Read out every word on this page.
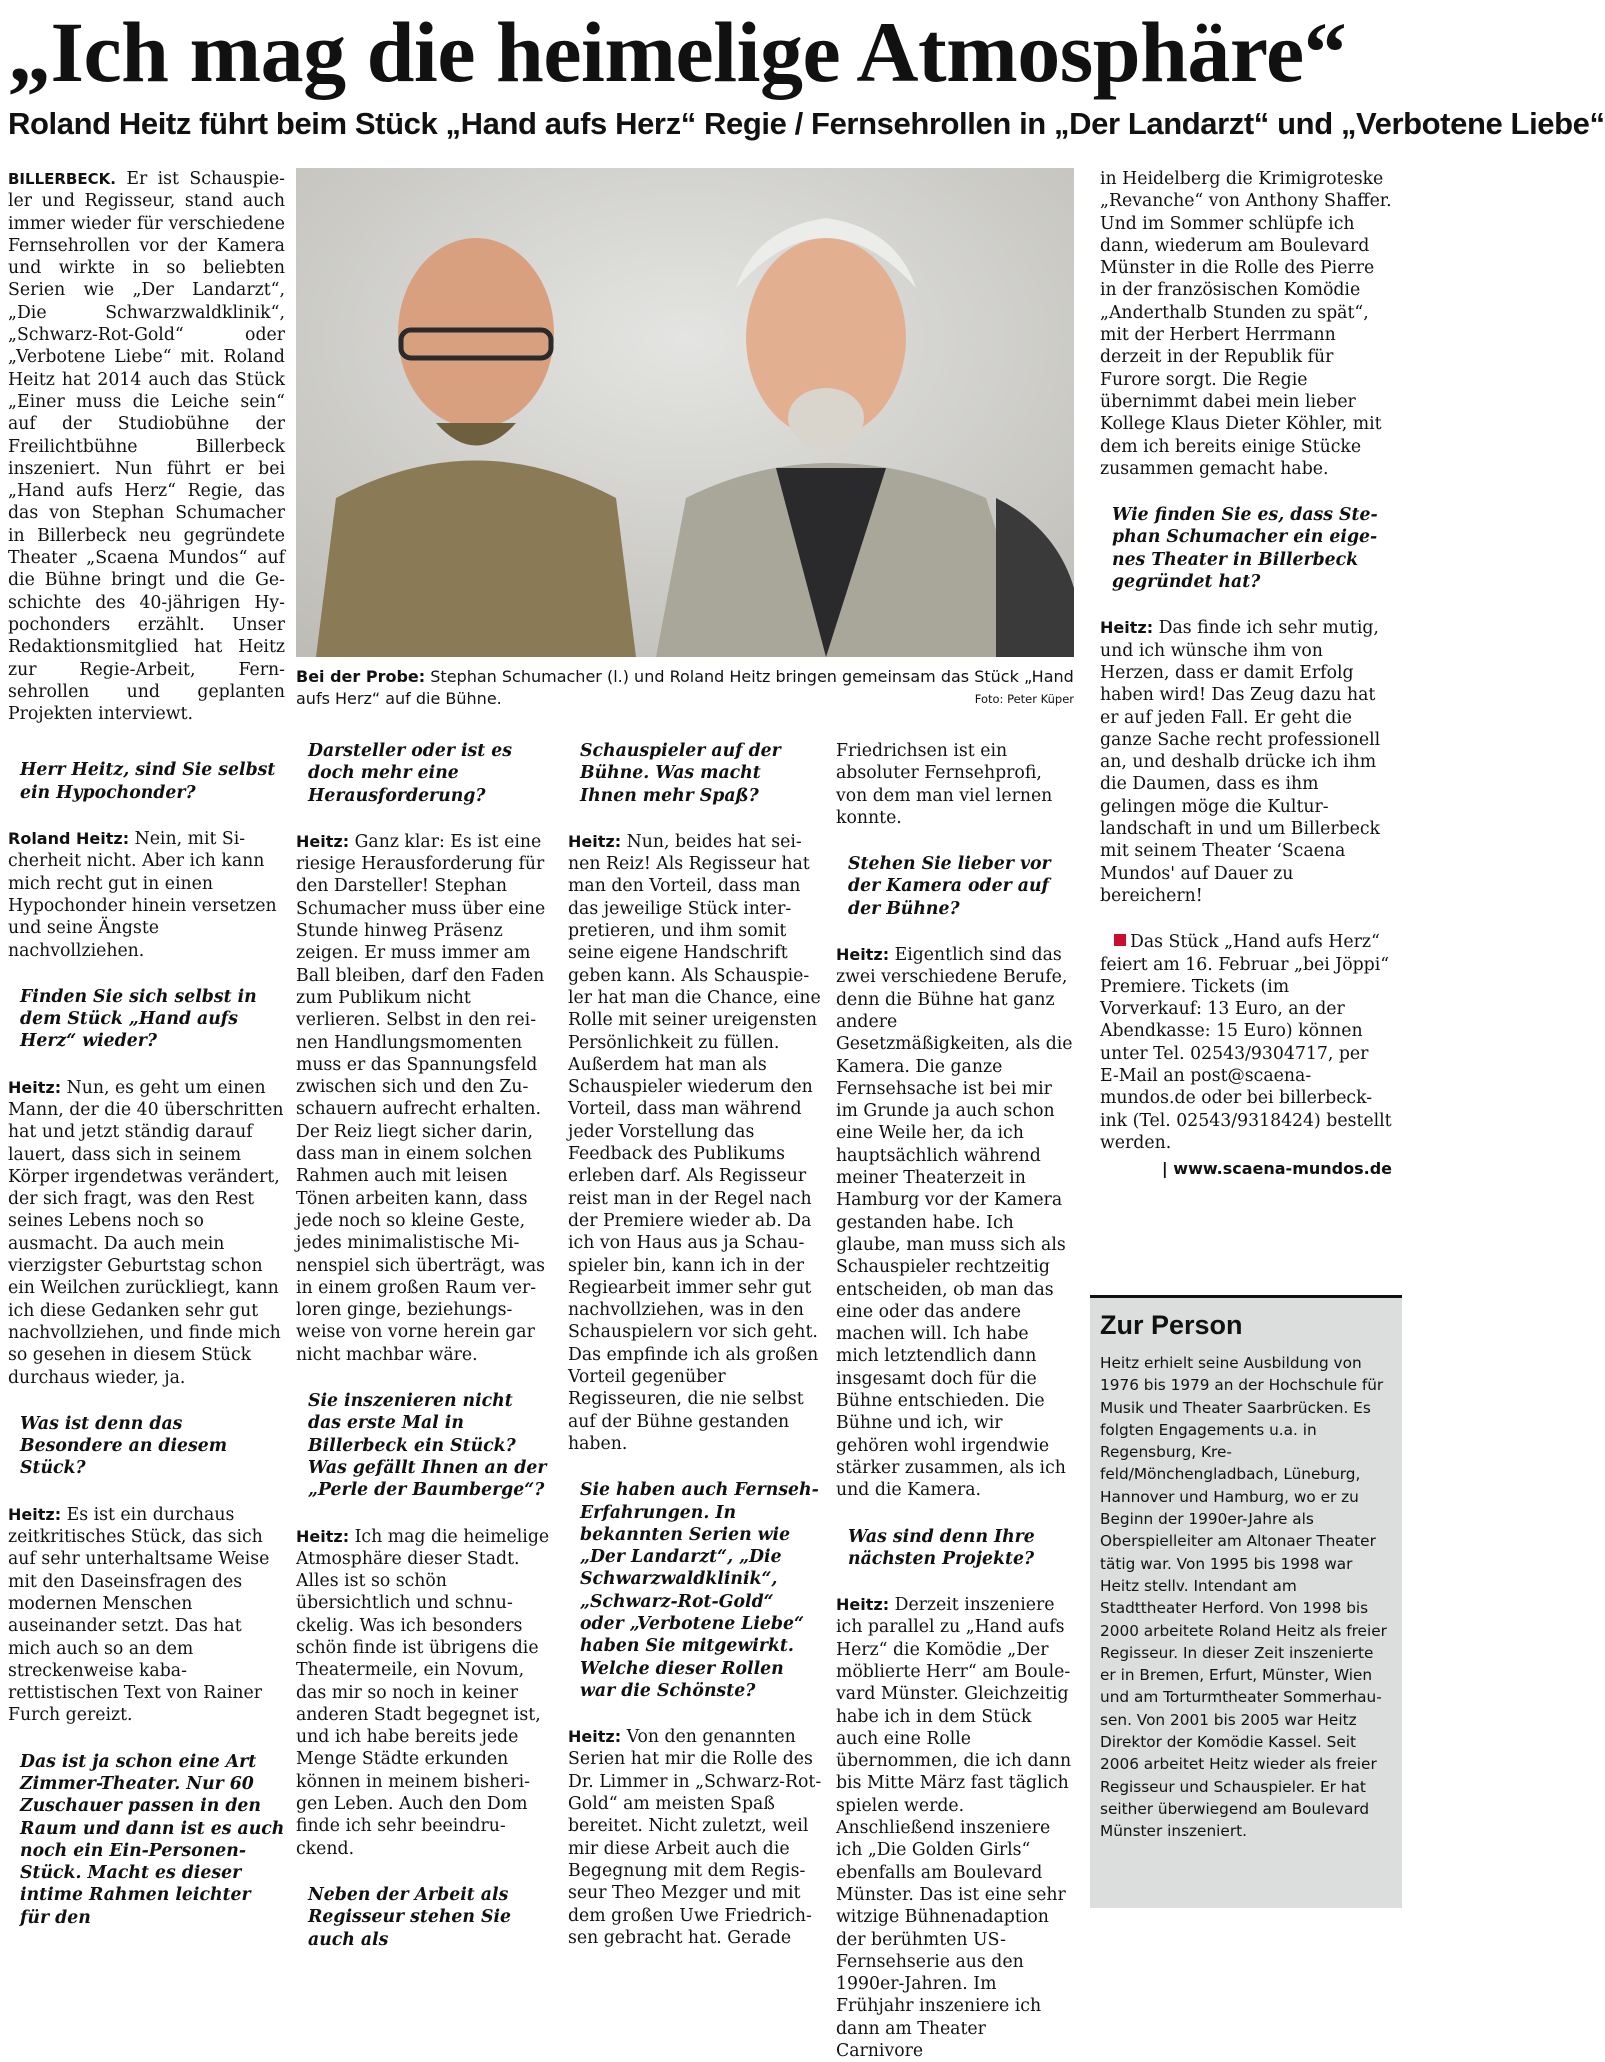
„Ich mag die heimelige Atmosphäre“
Roland Heitz führt beim Stück „Hand aufs Herz“ Regie / Fernsehrollen in „Der Landarzt“ und „Verbotene Liebe“

BILLERBECK. Er ist Schauspieler und Regisseur, stand auch immer wieder für verschiedene Fernsehrollen vor der Kamera und wirkte in so beliebten Serien wie „Der Landarzt“, „Die Schwarzwaldklinik“, „Schwarz-Rot-Gold“ oder „Verbotene Liebe“ mit. Roland Heitz hat 2014 auch das Stück „Einer muss die Leiche sein“ auf der Studiobühne der Freilichtbühne Billerbeck inszeniert. Nun führt er bei „Hand aufs Herz“ Regie, das das von Stephan Schumacher in Billerbeck neu gegründete Theater „Scaena Mundos“ auf die Bühne bringt und die Geschichte des 40-jährigen Hypochonders erzählt. Unser Redaktionsmitglied hat Heitz zur Regie-Arbeit, Fernsehrollen und geplanten Projekten interviewt.

Herr Heitz, sind Sie selbst ein Hypochonder?

Roland Heitz: Nein, mit Sicherheit nicht. Aber ich kann mich recht gut in einen Hypochonder hinein versetzen und seine Ängste nachvollziehen.

Finden Sie sich selbst in dem Stück „Hand aufs Herz“ wieder?

Heitz: Nun, es geht um einen Mann, der die 40 überschritten hat und jetzt ständig darauf lauert, dass sich in seinem Körper irgendetwas verändert, der sich fragt, was den Rest seines Lebens noch so ausmacht. Da auch mein vierzigster Geburtstag schon ein Weilchen zurückliegt, kann ich diese Gedanken sehr gut nachvollziehen, und finde mich so gesehen in diesem Stück durchaus wieder, ja.

Was ist denn das Besondere an diesem Stück?

Heitz: Es ist ein durchaus zeitkritisches Stück, das sich auf sehr unterhaltsame Weise mit den Daseinsfragen des modernen Menschen auseinander setzt. Das hat mich auch so an dem streckenweise kabarettistischen Text von Rainer Furch gereizt.

Das ist ja schon eine Art Zimmer-Theater. Nur 60 Zuschauer passen in den Raum und dann ist es auch noch ein Ein-Personen-Stück. Macht es dieser intime Rahmen leichter für den

Bei der Probe: Stephan Schumacher (l.) und Roland Heitz bringen gemeinsam das Stück „Hand aufs Herz“ auf die Bühne.	Foto: Peter Küper

Darsteller oder ist es doch mehr eine Herausforderung?

Heitz: Ganz klar: Es ist eine riesige Herausforderung für den Darsteller! Stephan Schumacher muss über eine Stunde hinweg Präsenz zeigen. Er muss immer am Ball bleiben, darf den Faden zum Publikum nicht verlieren. Selbst in den reinen Handlungsmomenten muss er das Spannungsfeld zwischen sich und den Zuschauern aufrecht erhalten. Der Reiz liegt sicher darin, dass man in einem solchen Rahmen auch mit leisen Tönen arbeiten kann, dass jede noch so kleine Geste, jedes minimalistische Minenspiel sich überträgt, was in einem großen Raum verloren ginge, beziehungsweise von vorne herein gar nicht machbar wäre.

Sie inszenieren nicht das erste Mal in Billerbeck ein Stück? Was gefällt Ihnen an der „Perle der Baumberge“?

Heitz: Ich mag die heimelige Atmosphäre dieser Stadt. Alles ist so schön übersichtlich und schnuckelig. Was ich besonders schön finde ist übrigens die Theatermeile, ein Novum, das mir so noch in keiner anderen Stadt begegnet ist, und ich habe bereits jede Menge Städte erkunden können in meinem bisherigen Leben. Auch den Dom finde ich sehr beeindruckend.

Neben der Arbeit als Regisseur stehen Sie auch als

Schauspieler auf der Bühne. Was macht Ihnen mehr Spaß?

Heitz: Nun, beides hat seinen Reiz! Als Regisseur hat man den Vorteil, dass man das jeweilige Stück interpretieren, und ihm somit seine eigene Handschrift geben kann. Als Schauspieler hat man die Chance, eine Rolle mit seiner ureigensten Persönlichkeit zu füllen. Außerdem hat man als Schauspieler wiederum den Vorteil, dass man während jeder Vorstellung das Feedback des Publikums erleben darf. Als Regisseur reist man in der Regel nach der Premiere wieder ab. Da ich von Haus aus ja Schauspieler bin, kann ich in der Regiearbeit immer sehr gut nachvollziehen, was in den Schauspielern vor sich geht. Das empfinde ich als großen Vorteil gegenüber Regisseuren, die nie selbst auf der Bühne gestanden haben.

Sie haben auch Fernseh-Erfahrungen. In bekannten Serien wie „Der Landarzt“, „Die Schwarzwaldklinik“, „Schwarz-Rot-Gold“ oder „Verbotene Liebe“ haben Sie mitgewirkt. Welche dieser Rollen war die Schönste?

Heitz: Von den genannten Serien hat mir die Rolle des Dr. Limmer in „Schwarz-Rot-Gold“ am meisten Spaß bereitet. Nicht zuletzt, weil mir diese Arbeit auch die Begegnung mit dem Regisseur Theo Mezger und mit dem großen Uwe Friedrichsen gebracht hat. Gerade

Friedrichsen ist ein absoluter Fernsehprofi, von dem man viel lernen konnte.

Stehen Sie lieber vor der Kamera oder auf der Bühne?

Heitz: Eigentlich sind das zwei verschiedene Berufe, denn die Bühne hat ganz andere Gesetzmäßigkeiten, als die Kamera. Die ganze Fernsehsache ist bei mir im Grunde ja auch schon eine Weile her, da ich hauptsächlich während meiner Theaterzeit in Hamburg vor der Kamera gestanden habe. Ich glaube, man muss sich als Schauspieler rechtzeitig entscheiden, ob man das eine oder das andere machen will. Ich habe mich letztendlich dann insgesamt doch für die Bühne entschieden. Die Bühne und ich, wir gehören wohl irgendwie stärker zusammen, als ich und die Kamera.

Was sind denn Ihre nächsten Projekte?

Heitz: Derzeit inszeniere ich parallel zu „Hand aufs Herz“ die Komödie „Der möblierte Herr“ am Boulevard Münster. Gleichzeitig habe ich in dem Stück auch eine Rolle übernommen, die ich dann bis Mitte März fast täglich spielen werde. Anschließend inszeniere ich „Die Golden Girls“ ebenfalls am Boulevard Münster. Das ist eine sehr witzige Bühnenadaption der berühmten US-Fernsehserie aus den 1990er-Jahren. Im Frühjahr inszeniere ich dann am Theater Carnivore

in Heidelberg die Krimigroteske „Revanche“ von Anthony Shaffer. Und im Sommer schlüpfe ich dann, wiederum am Boulevard Münster in die Rolle des Pierre in der französischen Komödie „Anderthalb Stunden zu spät“, mit der Herbert Herrmann derzeit in der Republik für Furore sorgt. Die Regie übernimmt dabei mein lieber Kollege Klaus Dieter Köhler, mit dem ich bereits einige Stücke zusammen gemacht habe.

Wie finden Sie es, dass Stephan Schumacher ein eigenes Theater in Billerbeck gegründet hat?

Heitz: Das finde ich sehr mutig, und ich wünsche ihm von Herzen, dass er damit Erfolg haben wird! Das Zeug dazu hat er auf jeden Fall. Er geht die ganze Sache recht professionell an, und deshalb drücke ich ihm die Daumen, dass es ihm gelingen möge die Kulturlandschaft in und um Billerbeck mit seinem Theater ‘Scaena Mundos' auf Dauer zu bereichern!

Das Stück „Hand aufs Herz“ feiert am 16. Februar „bei Jöppi“ Premiere. Tickets (im Vorverkauf: 13 Euro, an der Abendkasse: 15 Euro) können unter Tel. 02543/9304717, per E-Mail an post@scaena-mundos.de oder bei billerbeck-ink (Tel. 02543/9318424) bestellt werden.

| www.scaena-mundos.de
Zur Person
Heitz erhielt seine Ausbildung von 1976 bis 1979 an der Hochschule für Musik und Theater Saarbrücken. Es folgten Engagements u.a. in Regensburg, Krefeld/Mönchengladbach, Lüneburg, Hannover und Hamburg, wo er zu Beginn der 1990er-Jahre als Oberspielleiter am Altonaer Theater tätig war. Von 1995 bis 1998 war Heitz stellv. Intendant am Stadttheater Herford. Von 1998 bis 2000 arbeitete Roland Heitz als freier Regisseur. In dieser Zeit inszenierte er in Bremen, Erfurt, Münster, Wien und am Torturmtheater Sommerhausen. Von 2001 bis 2005 war Heitz Direktor der Komödie Kassel. Seit 2006 arbeitet Heitz wieder als freier Regisseur und Schauspieler. Er hat seither überwiegend am Boulevard Münster inszeniert.
